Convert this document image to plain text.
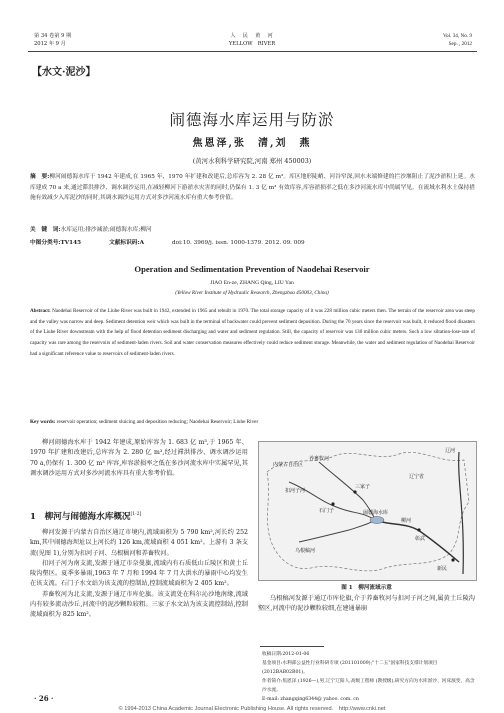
第 34 卷第 9 期
2012 年 9 月
人　民　黄　河
YELLOW　RIVER
Vol. 34, No. 9
Sep. , 2012
【水文·泥沙】
闹德海水库运用与防淤
焦恩泽,张　清,刘　燕
(黄河水利科学研究院,河南 郑州 450003)
摘　要:柳河闹德海水库于 1942 年建成,在 1965 年、1970 年扩建和改建后,总库容为 2. 28 亿 m³。库区地形陡峭、河谷窄深,回水末端修建的拦沙堰阻止了泥沙淤积上延。水库建成 70 a 来,通过滞洪排沙、调水调沙运用,在减轻柳河下游淤水灾害的同时,仍保有 1. 3 亿 m³ 有效库容,库容淤损率之低在多沙河流水库中尚属罕见。在流域水利水土保持措施有效减少入库泥沙的同时,其调水调沙运用方式对多沙河流水库有重大参考价值。
关　键　词:水库运用;排沙减淤;闹德海水库;柳河
中图分类号:TV145	文献标识码:A	doi:10. 3969/j. issn. 1000-1379. 2012. 09. 009
Operation and Sedimentation Prevention of Naodehai Reservoir
JIAO En-ze, ZHANG Qing, LIU Yan
(Yellow River Institute of Hydraulic Research, Zhengzhou 450003, China)
Abstract: Naodehai Reservoir of the Liuhe River was built in 1942, extended in 1965 and rebuilt in 1970. The total storage capacity of it was 228 million cubic meters then. The terrain of the reservoir area was steep and the valley was narrow and deep. Sediment detention weir which was built in the terminal of backwater could prevent sediment deposition. During the 70 years since the reservoir was built, it reduced flood disasters of the Liuhe River downstream with the help of flood detention sediment discharging and water and sediment regulation. Still, the capacity of reservoir was 130 million cubic meters. Such a low siltation-lose-rate of capacity was rare among the reservoirs of sediment-laden rivers. Soil and water conservation measures effectively could reduce sediment storage. Meanwhile, the water and sediment regulation of Naodehai Reservoir had a significant reference value to reservoirs of sediment-laden rivers.
Key words: reservoir operation; sediment sluicing and deposition reducing; Naodehai Reservoir; Liuhe River

柳河闹德海水库于 1942 年建成,原始库容为 1. 683 亿 m³,于 1965 年、1970 年扩建和改建后,总库容为 2. 280 亿 m³,经过滞洪排沙、调水调沙运用 70 a,仍保有 1. 300 亿 m³ 库容,库容淤损率之低在多沙河流水库中实属罕见,其调水调沙运用方式对多沙河流水库具有重大参考价值。

1　柳河与闹德海水库概况[1-2]

柳河发源于内蒙古自治区通辽市境内,流域面积为 5 790 km²,河长约 252 km,其中闹德海坝址以上河长约 126 km,流域面积 4 051 km²。上游有 3 条支流(见图 1),分别为扣河子河、乌根稿河和养畜牧河。

扣河子河为南支流,发源于通辽市奈曼旗,流域内有石质低山丘陵区和黄土丘陵沟壑区。夏季多暴雨,1963 年 7 月和 1994 年 7 月大洪水的暴雨中心均发生在该支流。石门子水文站为该支流的控制站,控制流域面积为 2 405 km²。

养畜牧河为北支流,发源于通辽市库伦旗。该支流处在科尔沁沙地南缘,流域内有较多流动沙丘,河流中的泥沙颗粒较粗。三家子水文站为该支流控制站,控制流域面积为 825 km²。

内蒙古自治区
扣河子河
养畜牧河
闹德海水库
柳河
新民
辽宁省
乌根稿河
石门子
三家子
彰武
辽河
图 1　柳河流域示意

乌根稿河发源于通辽市库伦旗,介于养畜牧河与扣河子河之间,属黄土丘陵沟壑区,河流中的泥沙颗粒较细,在建通暴崩

收稿日期:2012-01-06
基金项目:水利部公益性行业科研专项 (201101009);"十二五"国家科技支撑计划项目 (2012BAB02B01)。
作者简介:焦恩泽 (1926—),男,辽宁辽阳人,高级工程师 (教授级),研究方向为水库淤沙、河床演变、高含沙水流。
E-mail: zhangqing6344@ yahoo. com. cn
· 26 ·
© 1994-2013 China Academic Journal Electronic Publishing House. All rights reserved.　http://www.cnki.net
